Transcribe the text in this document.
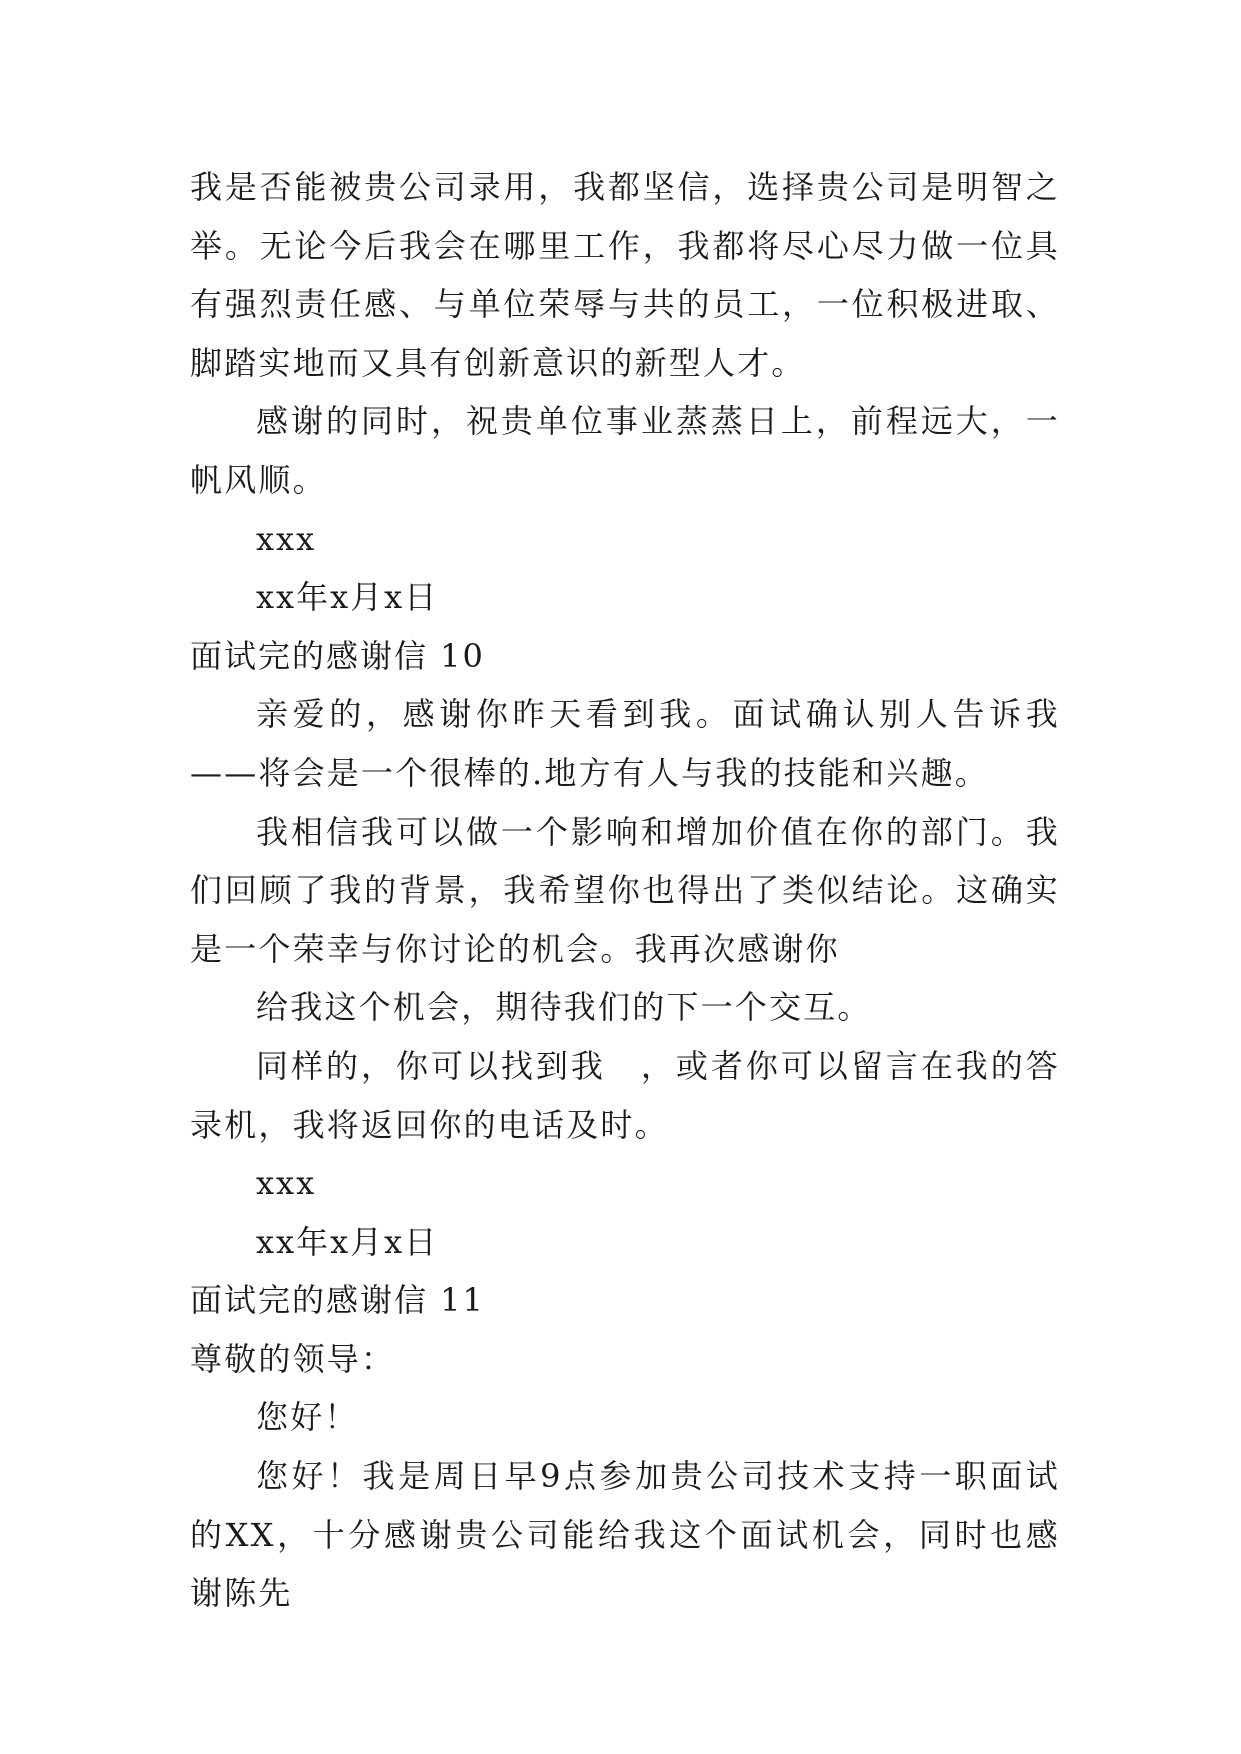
我是否能被贵公司录用，我都坚信，选择贵公司是明智之举。无论今后我会在哪里工作，我都将尽心尽力做一位具有强烈责任感、与单位荣辱与共的员工，一位积极进取、脚踏实地而又具有创新意识的新型人才。

感谢的同时，祝贵单位事业蒸蒸日上，前程远大，一帆风顺。

xxx

xx年x月x日

面试完的感谢信 10

亲爱的，感谢你昨天看到我。面试确认别人告诉我——将会是一个很棒的.地方有人与我的技能和兴趣。

我相信我可以做一个影响和增加价值在你的部门。我们回顾了我的背景，我希望你也得出了类似结论。这确实是一个荣幸与你讨论的机会。我再次感谢你

给我这个机会，期待我们的下一个交互。

同样的，你可以找到我　，或者你可以留言在我的答录机，我将返回你的电话及时。

xxx

xx年x月x日

面试完的感谢信 11

尊敬的领导：

您好！

您好！我是周日早9点参加贵公司技术支持一职面试的XX，十分感谢贵公司能给我这个面试机会，同时也感谢陈先
